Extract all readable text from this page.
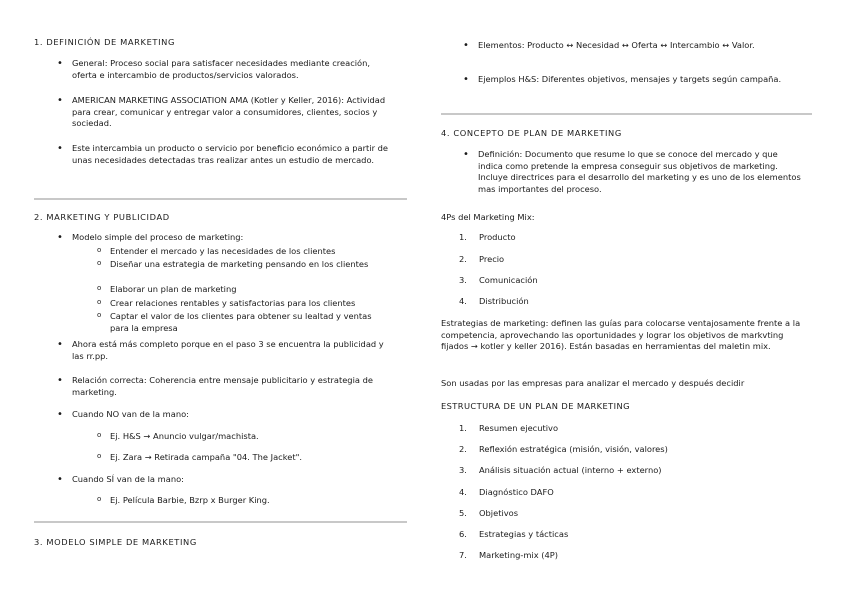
1. DEFINICIÓN DE MARKETING
• General: Proceso social para satisfacer necesidades mediante creación, oferta e intercambio de productos/servicios valorados.
• AMERICAN MARKETING ASSOCIATION AMA (Kotler y Keller, 2016): Actividad para crear, comunicar y entregar valor a consumidores, clientes, socios y sociedad.
• Este intercambia un producto o servicio por beneficio económico a partir de unas necesidades detectadas tras realizar antes un estudio de mercado.
2. MARKETING Y PUBLICIDAD
• Modelo simple del proceso de marketing:
o Entender el mercado y las necesidades de los clientes
o Diseñar una estrategia de marketing pensando en los clientes
o Elaborar un plan de marketing
o Crear relaciones rentables y satisfactorias para los clientes
o Captar el valor de los clientes para obtener su lealtad y ventas para la empresa
• Ahora está más completo porque en el paso 3 se encuentra la publicidad y las rr.pp.
• Relación correcta: Coherencia entre mensaje publicitario y estrategia de marketing.
• Cuando NO van de la mano:
o Ej. H&S → Anuncio vulgar/machista.
o Ej. Zara → Retirada campaña "04. The Jacket".
• Cuando SÍ van de la mano:
o Ej. Película Barbie, Bzrp x Burger King.
3. MODELO SIMPLE DE MARKETING
• Elementos: Producto ↔ Necesidad ↔ Oferta ↔ Intercambio ↔ Valor.
• Ejemplos H&S: Diferentes objetivos, mensajes y targets según campaña.
4. CONCEPTO DE PLAN DE MARKETING
• Definición: Documento que resume lo que se conoce del mercado y que indica como pretende la empresa conseguir sus objetivos de marketing. Incluye directrices para el desarrollo del marketing y es uno de los elementos mas importantes del proceso.
4Ps del Marketing Mix:
1. Producto
2. Precio
3. Comunicación
4. Distribución
Estrategias de marketing: definen las guías para colocarse ventajosamente frente a la competencia, aprovechando las oportunidades y lograr los objetivos de markvting fijados → kotler y keller 2016). Están basadas en herramientas del maletin mix.
Son usadas por las empresas para analizar el mercado y después decidir
ESTRUCTURA DE UN PLAN DE MARKETING
1. Resumen ejecutivo
2. Reflexión estratégica (misión, visión, valores)
3. Análisis situación actual (interno + externo)
4. Diagnóstico DAFO
5. Objetivos
6. Estrategias y tácticas
7. Marketing-mix (4P)
